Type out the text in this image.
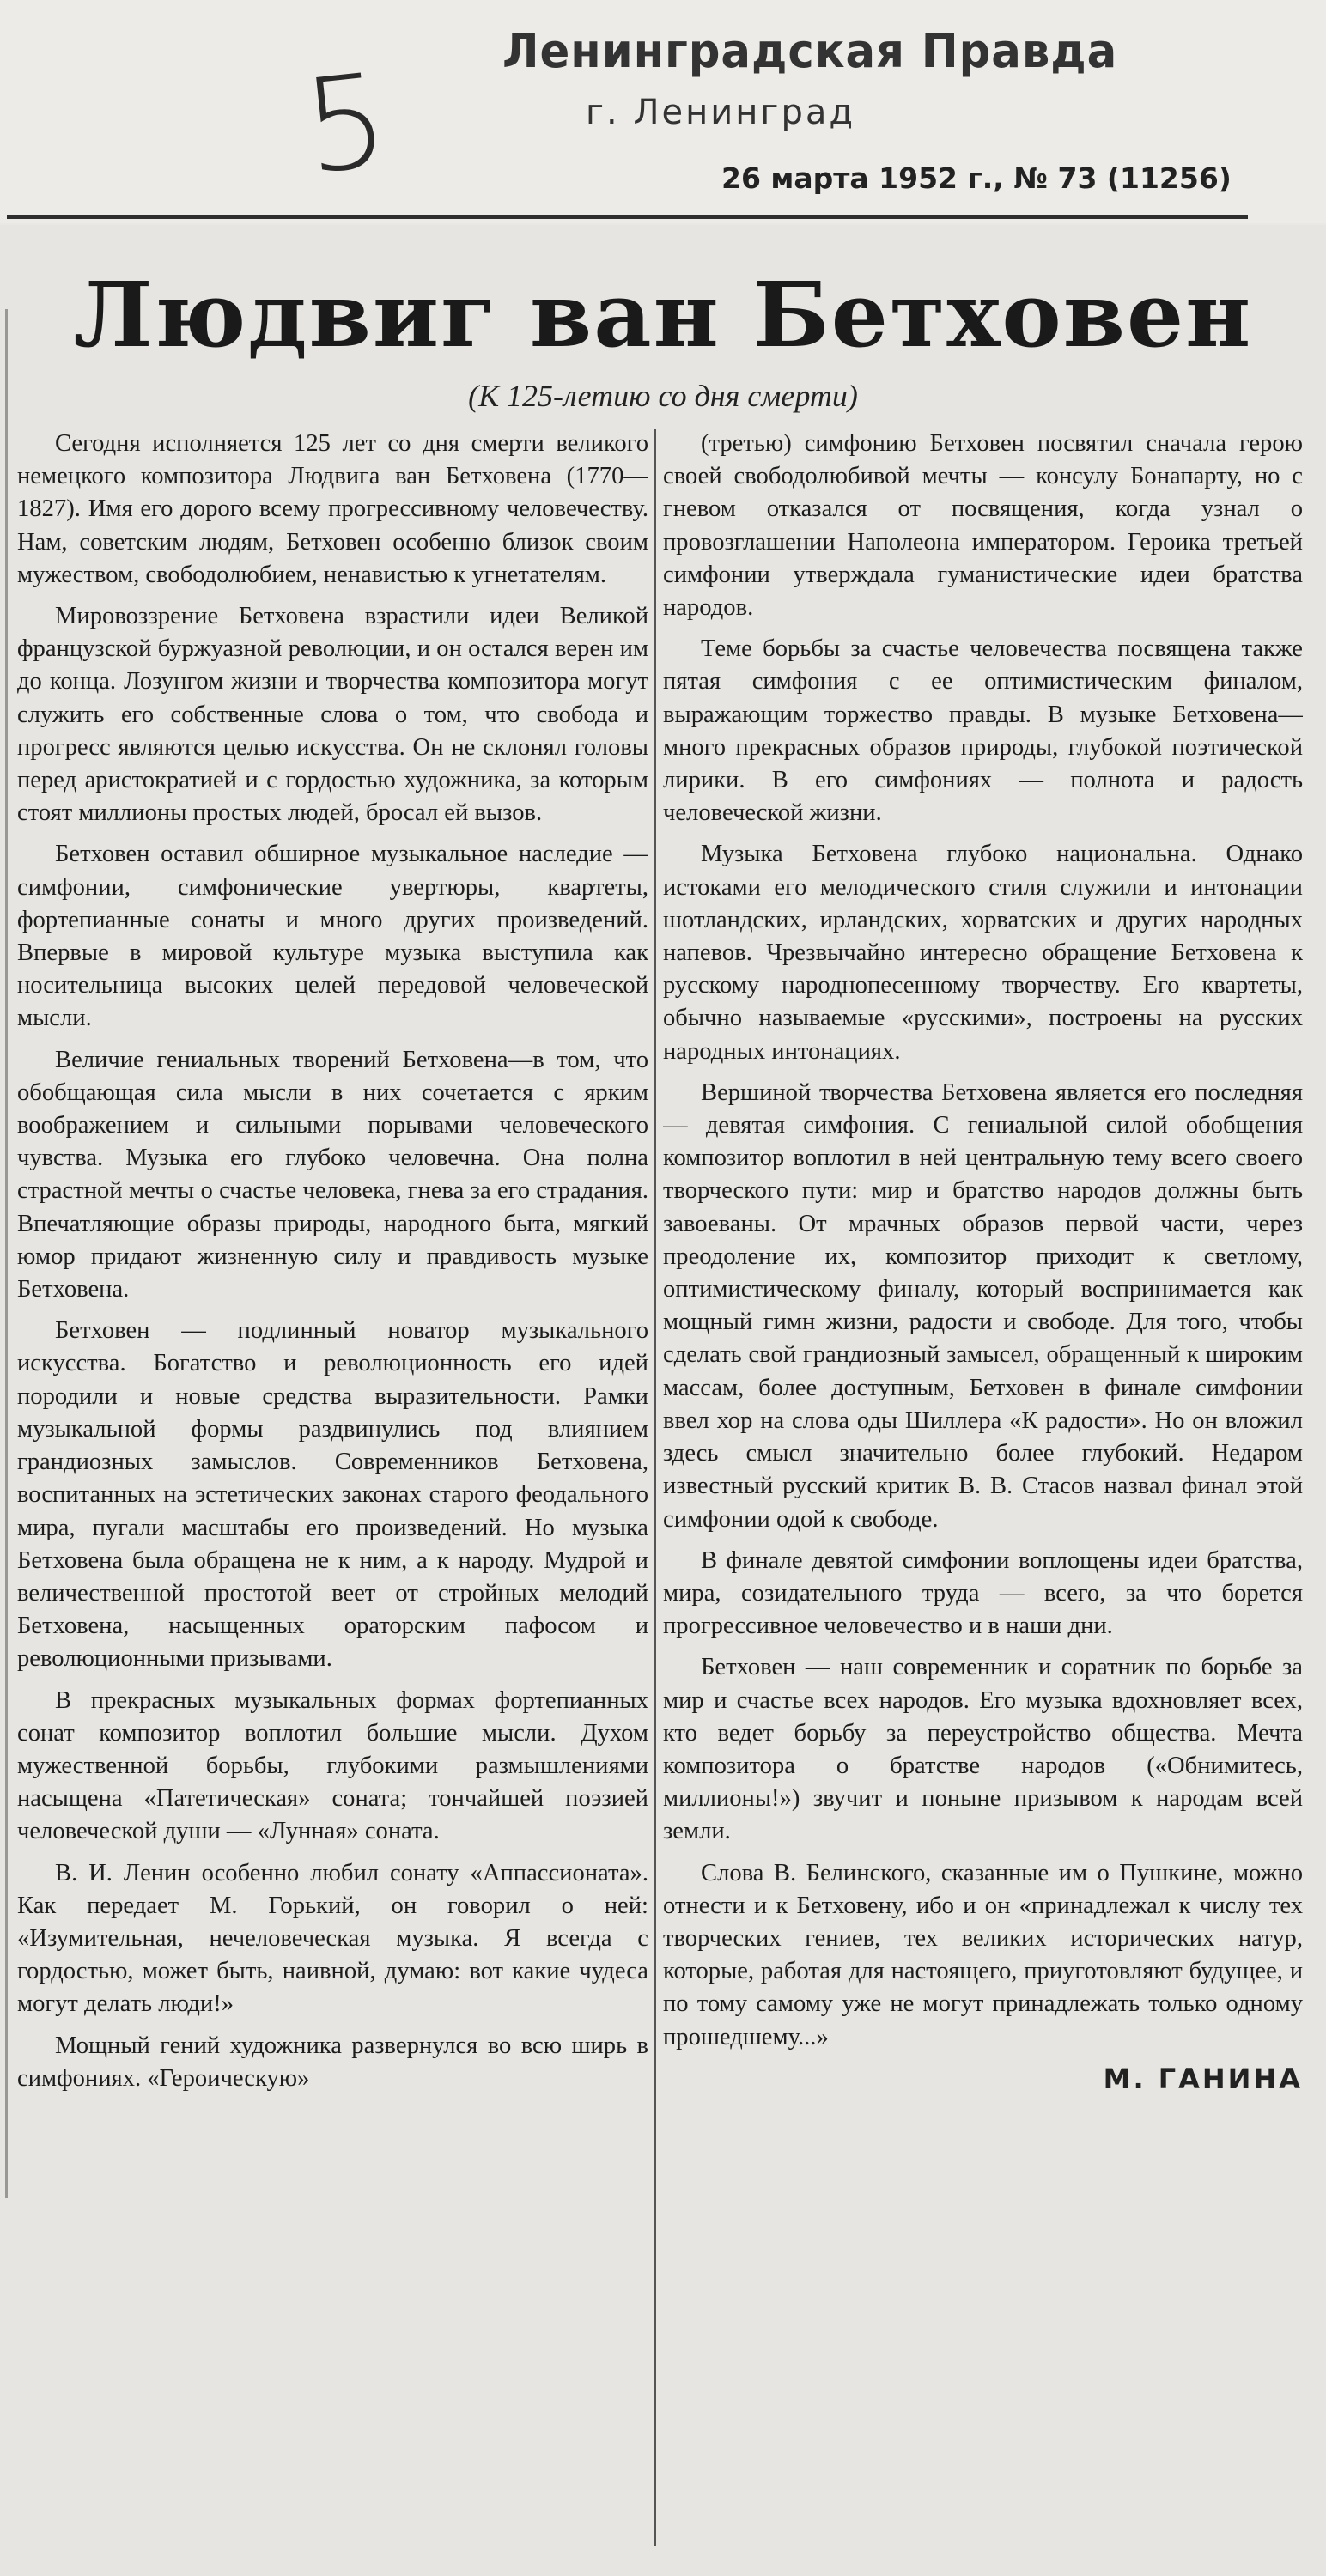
5 Ленинградская Правда
г. Ленинград
26 марта 1952 г., № 73 (11256)
Людвиг ван Бетховен
(К 125-летию со дня смерти)

Сегодня исполняется 125 лет со дня смерти великого немецкого композитора Людвига ван Бетховена (1770—1827). Имя его дорого всему прогрессивному человечеству. Нам, советским людям, Бетховен особенно близок своим мужеством, свободолюбием, ненавистью к угнетателям.

Мировоззрение Бетховена взрастили идеи Великой французской буржуазной революции, и он остался верен им до конца. Лозунгом жизни и творчества композитора могут служить его собственные слова о том, что свобода и прогресс являются целью искусства. Он не склонял головы перед аристократией и с гордостью художника, за которым стоят миллионы простых людей, бросал ей вызов.

Бетховен оставил обширное музыкальное наследие — симфонии, симфонические увертюры, квартеты, фортепианные сонаты и много других произведений. Впервые в мировой культуре музыка выступила как носительница высоких целей передовой человеческой мысли.

Величие гениальных творений Бетховена—в том, что обобщающая сила мысли в них сочетается с ярким воображением и сильными порывами человеческого чувства. Музыка его глубоко человечна. Она полна страстной мечты о счастье человека, гнева за его страдания. Впечатляющие образы природы, народного быта, мягкий юмор придают жизненную силу и правдивость музыке Бетховена.

Бетховен — подлинный новатор музыкального искусства. Богатство и революционность его идей породили и новые средства выразительности. Рамки музыкальной формы раздвинулись под влиянием грандиозных замыслов. Современников Бетховена, воспитанных на эстетических законах старого феодального мира, пугали масштабы его произведений. Но музыка Бетховена была обращена не к ним, а к народу. Мудрой и величественной простотой веет от стройных мелодий Бетховена, насыщенных ораторским пафосом и революционными призывами.

В прекрасных музыкальных формах фортепианных сонат композитор воплотил большие мысли. Духом мужественной борьбы, глубокими размышлениями насыщена «Патетическая» соната; тончайшей поэзией человеческой души — «Лунная» соната.

В. И. Ленин особенно любил сонату «Аппассионата». Как передает М. Горький, он говорил о ней: «Изумительная, нечеловеческая музыка. Я всегда с гордостью, может быть, наивной, думаю: вот какие чудеса могут делать люди!»

Мощный гений художника развернулся во всю ширь в симфониях. «Героическую»

(третью) симфонию Бетховен посвятил сначала герою своей свободолюбивой мечты — консулу Бонапарту, но с гневом отказался от посвящения, когда узнал о провозглашении Наполеона императором. Героика третьей симфонии утверждала гуманистические идеи братства народов.

Теме борьбы за счастье человечества посвящена также пятая симфония с ее оптимистическим финалом, выражающим торжество правды. В музыке Бетховена—много прекрасных образов природы, глубокой поэтической лирики. В его симфониях — полнота и радость человеческой жизни.

Музыка Бетховена глубоко национальна. Однако истоками его мелодического стиля служили и интонации шотландских, ирландских, хорватских и других народных напевов. Чрезвычайно интересно обращение Бетховена к русскому народнопесенному творчеству. Его квартеты, обычно называемые «русскими», построены на русских народных интонациях.

Вершиной творчества Бетховена является его последняя — девятая симфония. С гениальной силой обобщения композитор воплотил в ней центральную тему всего своего творческого пути: мир и братство народов должны быть завоеваны. От мрачных образов первой части, через преодоление их, композитор приходит к светлому, оптимистическому финалу, который воспринимается как мощный гимн жизни, радости и свободе. Для того, чтобы сделать свой грандиозный замысел, обращенный к широким массам, более доступным, Бетховен в финале симфонии ввел хор на слова оды Шиллера «К радости». Но он вложил здесь смысл значительно более глубокий. Недаром известный русский критик В. В. Стасов назвал финал этой симфонии одой к свободе.

В финале девятой симфонии воплощены идеи братства, мира, созидательного труда — всего, за что борется прогрессивное человечество и в наши дни.

Бетховен — наш современник и соратник по борьбе за мир и счастье всех народов. Его музыка вдохновляет всех, кто ведет борьбу за переустройство общества. Мечта композитора о братстве народов («Обнимитесь, миллионы!») звучит и поныне призывом к народам всей земли.

Слова В. Белинского, сказанные им о Пушкине, можно отнести и к Бетховену, ибо и он «принадлежал к числу тех творческих гениев, тех великих исторических натур, которые, работая для настоящего, приуготовляют будущее, и по тому самому уже не могут принадлежать только одному прошедшему...»

М. ГАНИНА
